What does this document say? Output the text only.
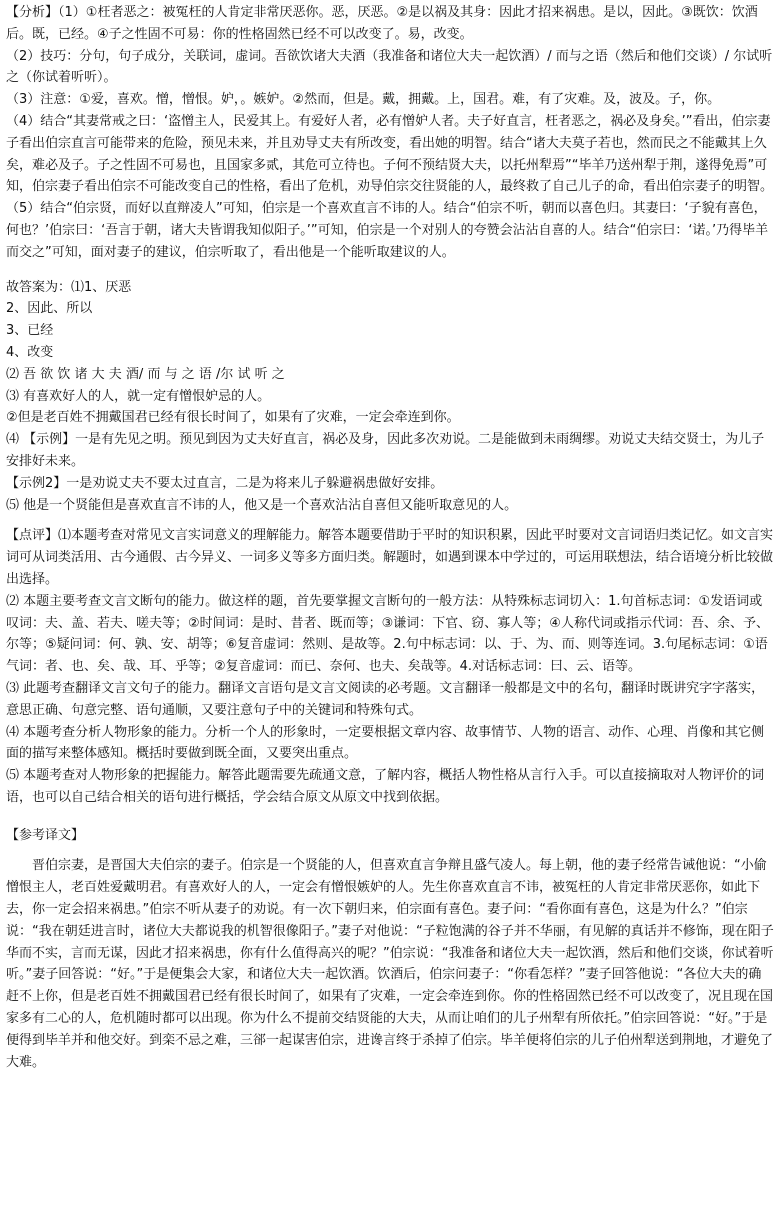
【分析】（1）①枉者恶之：被冤枉的人肯定非常厌恶你。恶，厌恶。②是以祸及其身：因此才招来祸患。是以，因此。③既饮：饮酒后。既，已经。④子之性固不可易：你的性格固然已经不可以改变了。易，改变。

（2）技巧：分句，句子成分，关联词，虚词。吾欲饮诸大夫酒（我准备和诸位大夫一起饮酒）/ 而与之语（然后和他们交谈）/ 尔试听之（你试着听听）。

（3）注意：①爱，喜欢。憎，憎恨。妒，。嫉妒。②然而，但是。戴，拥戴。上，国君。难，有了灾难。及，波及。子，你。

（4）结合“其妻常戒之曰：‘盗憎主人，民爱其上。有爱好人者，必有憎妒人者。夫子好直言，枉者恶之，祸必及身矣。’”看出，伯宗妻子看出伯宗直言可能带来的危险，预见未来，并且劝导丈夫有所改变，看出她的明智。结合“诸大夫莫子若也，然而民之不能戴其上久矣，难必及子。子之性固不可易也，且国家多贰，其危可立待也。子何不预结贤大夫，以托州犁焉”“毕羊乃送州犁于荆，遂得免焉”可知，伯宗妻子看出伯宗不可能改变自己的性格，看出了危机，劝导伯宗交往贤能的人，最终救了自己儿子的命，看出伯宗妻子的明智。

（5）结合“伯宗贤，而好以直辩凌人”可知，伯宗是一个喜欢直言不讳的人。结合“伯宗不听，朝而以喜色归。其妻曰：‘子貌有喜色，何也？’伯宗曰：‘吾言于朝，诸大夫皆谓我知似阳子。’”可知，伯宗是一个对别人的夸赞会沾沾自喜的人。结合“伯宗曰：‘诺。’乃得毕羊而交之”可知，面对妻子的建议，伯宗听取了，看出他是一个能听取建议的人。

故答案为：⑴1、厌恶

2、因此、所以

3、已经

4、改变

⑵ 吾 欲 饮 诸 大 夫 酒/ 而 与 之 语 /尔 试 听 之

⑶ 有喜欢好人的人，就一定有憎恨妒忌的人。

②但是老百姓不拥戴国君已经有很长时间了，如果有了灾难，一定会牵连到你。

⑷ 【示例】一是有先见之明。预见到因为丈夫好直言，祸必及身，因此多次劝说。二是能做到未雨绸缪。劝说丈夫结交贤士，为儿子安排好未来。

【示例2】一是劝说丈夫不要太过直言，二是为将来儿子躲避祸患做好安排。

⑸ 他是一个贤能但是喜欢直言不讳的人，他又是一个喜欢沾沾自喜但又能听取意见的人。

【点评】⑴本题考查对常见文言实词意义的理解能力。解答本题要借助于平时的知识积累，因此平时要对文言词语归类记忆。如文言实词可从词类活用、古今通假、古今异义、一词多义等多方面归类。解题时，如遇到课本中学过的，可运用联想法，结合语境分析比较做出选择。

⑵ 本题主要考查文言文断句的能力。做这样的题，首先要掌握文言断句的一般方法：从特殊标志词切入：1.句首标志词：①发语词或叹词：夫、盖、若夫、嗟夫等；②时间词：是时、昔者、既而等；③谦词：下官、窃、寡人等；④人称代词或指示代词：吾、余、予、尔等；⑤疑问词：何、孰、安、胡等；⑥复音虚词：然则、是故等。2.句中标志词：以、于、为、而、则等连词。3.句尾标志词：①语气词：者、也、矣、哉、耳、乎等；②复音虚词：而已、奈何、也夫、矣哉等。4.对话标志词：曰、云、语等。

⑶ 此题考查翻译文言文句子的能力。翻译文言语句是文言文阅读的必考题。文言翻译一般都是文中的名句，翻译时既讲究字字落实，意思正确、句意完整、语句通顺，又要注意句子中的关键词和特殊句式。

⑷ 本题考查分析人物形象的能力。分析一个人的形象时，一定要根据文章内容、故事情节、人物的语言、动作、心理、肖像和其它侧面的描写来整体感知。概括时要做到既全面，又要突出重点。

⑸ 本题考查对人物形象的把握能力。解答此题需要先疏通文意，了解内容，概括人物性格从言行入手。可以直接摘取对人物评价的词语，也可以自己结合相关的语句进行概括，学会结合原文从原文中找到依据。

【参考译文】

晋伯宗妻，是晋国大夫伯宗的妻子。伯宗是一个贤能的人，但喜欢直言争辩且盛气凌人。每上朝，他的妻子经常告诫他说：“小偷憎恨主人，老百姓爱戴明君。有喜欢好人的人，一定会有憎恨嫉妒的人。先生你喜欢直言不讳，被冤枉的人肯定非常厌恶你，如此下去，你一定会招来祸患。”伯宗不听从妻子的劝说。有一次下朝归来，伯宗面有喜色。妻子问：“看你面有喜色，这是为什么？”伯宗说：“我在朝廷进言时，诸位大夫都说我的机智很像阳子。”妻子对他说：“子粒饱满的谷子并不华丽，有见解的真话并不修饰，现在阳子华而不实，言而无谋，因此才招来祸患，你有什么值得高兴的呢？”伯宗说：“我准备和诸位大夫一起饮酒，然后和他们交谈，你试着听听。”妻子回答说：“好。”于是便集会大家，和诸位大夫一起饮酒。饮酒后，伯宗问妻子：“你看怎样？”妻子回答他说：“各位大夫的确赶不上你，但是老百姓不拥戴国君已经有很长时间了，如果有了灾难，一定会牵连到你。你的性格固然已经不可以改变了，况且现在国家多有二心的人，危机随时都可以出现。你为什么不提前交结贤能的大夫，从而让咱们的儿子州犁有所依托。”伯宗回答说：“好。”于是便得到毕羊并和他交好。到栾不忌之难，三郤一起谋害伯宗，进谗言终于杀掉了伯宗。毕羊便将伯宗的儿子伯州犁送到荆地，才避免了大难。
